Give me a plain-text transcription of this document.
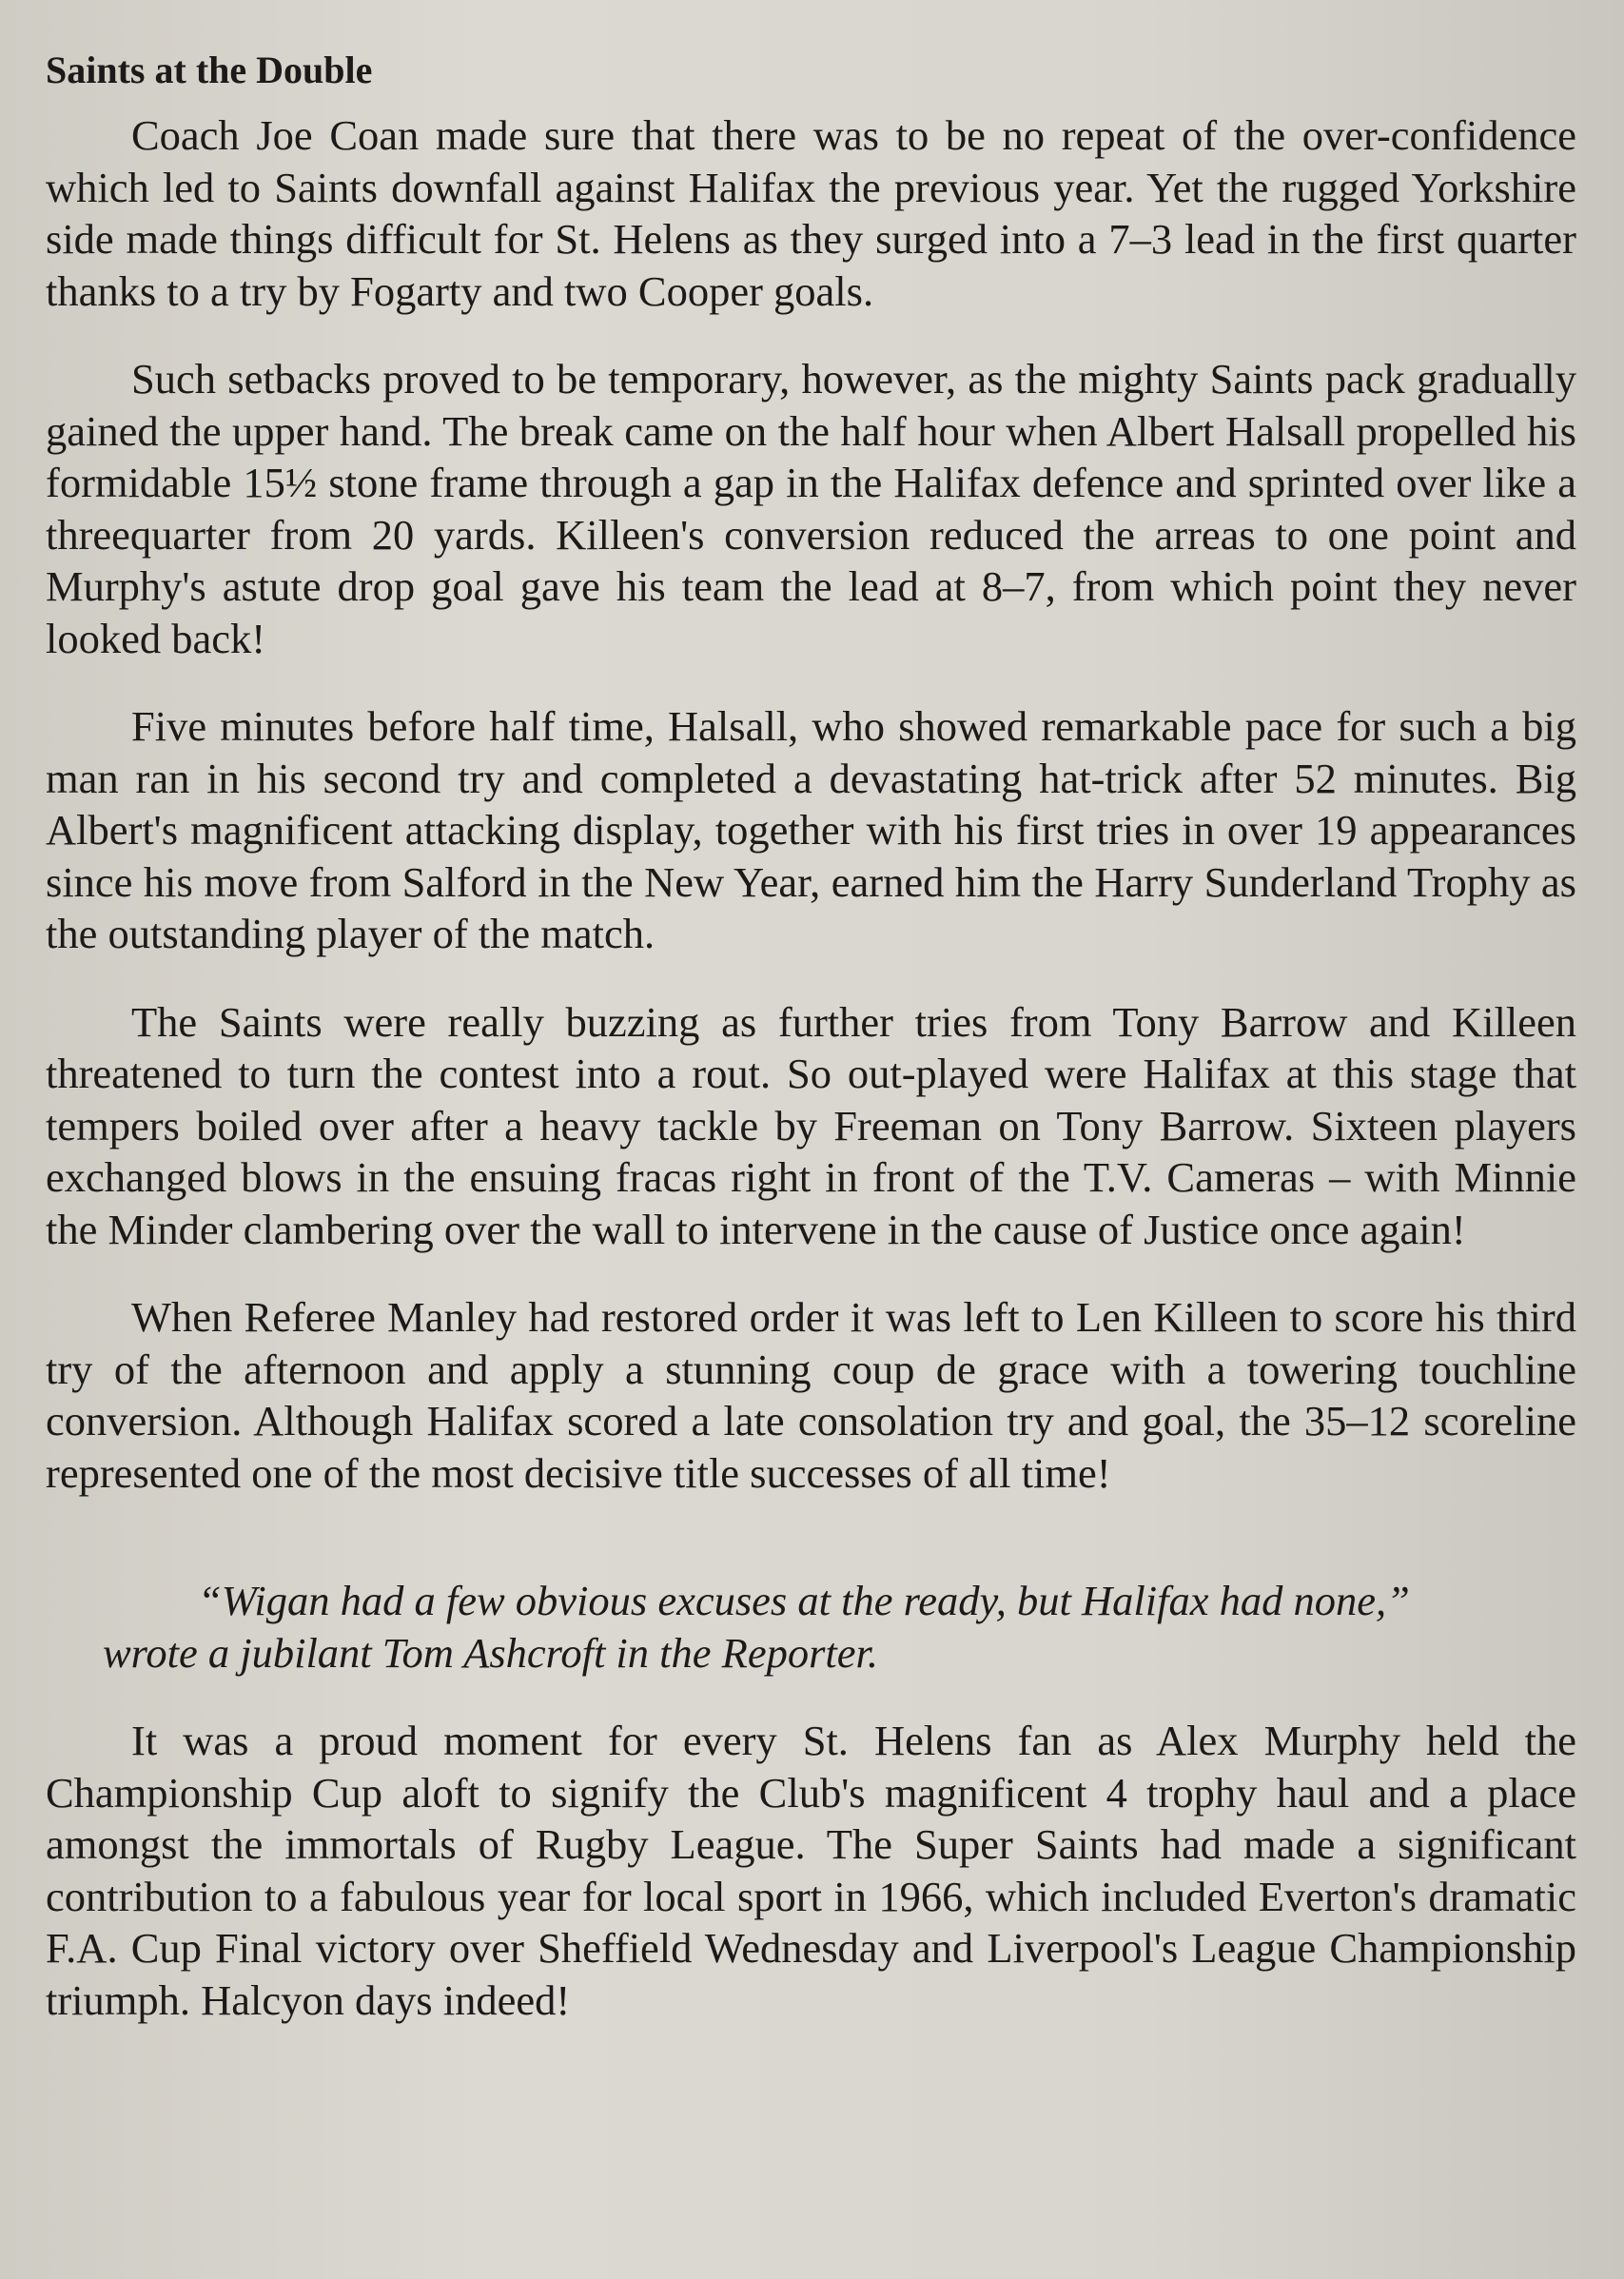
Saints at the Double

Coach Joe Coan made sure that there was to be no repeat of the over-confidence which led to Saints downfall against Halifax the previous year. Yet the rugged Yorkshire side made things difficult for St. Helens as they surged into a 7–3 lead in the first quarter thanks to a try by Fogarty and two Cooper goals.

Such setbacks proved to be temporary, however, as the mighty Saints pack gradually gained the upper hand. The break came on the half hour when Albert Halsall propelled his formidable 15½ stone frame through a gap in the Halifax defence and sprinted over like a threequarter from 20 yards. Killeen's conversion reduced the arreas to one point and Murphy's astute drop goal gave his team the lead at 8–7, from which point they never looked back!

Five minutes before half time, Halsall, who showed remarkable pace for such a big man ran in his second try and completed a devastating hat-trick after 52 minutes. Big Albert's magnificent attacking display, together with his first tries in over 19 appearances since his move from Salford in the New Year, earned him the Harry Sunderland Trophy as the outstanding player of the match.

The Saints were really buzzing as further tries from Tony Barrow and Killeen threatened to turn the contest into a rout. So out-played were Halifax at this stage that tempers boiled over after a heavy tackle by Freeman on Tony Barrow. Sixteen players exchanged blows in the ensuing fracas right in front of the T.V. Cameras – with Minnie the Minder clambering over the wall to intervene in the cause of Justice once again!

When Referee Manley had restored order it was left to Len Killeen to score his third try of the afternoon and apply a stunning coup de grace with a towering touchline conversion. Although Halifax scored a late consolation try and goal, the 35–12 scoreline represented one of the most decisive title successes of all time!

“Wigan had a few obvious excuses at the ready, but Halifax had none,”
wrote a jubilant Tom Ashcroft in the Reporter.

It was a proud moment for every St. Helens fan as Alex Murphy held the Championship Cup aloft to signify the Club's magnificent 4 trophy haul and a place amongst the immortals of Rugby League. The Super Saints had made a significant contribution to a fabulous year for local sport in 1966, which included Everton's dramatic F.A. Cup Final victory over Sheffield Wednesday and Liverpool's League Championship triumph. Halcyon days indeed!
